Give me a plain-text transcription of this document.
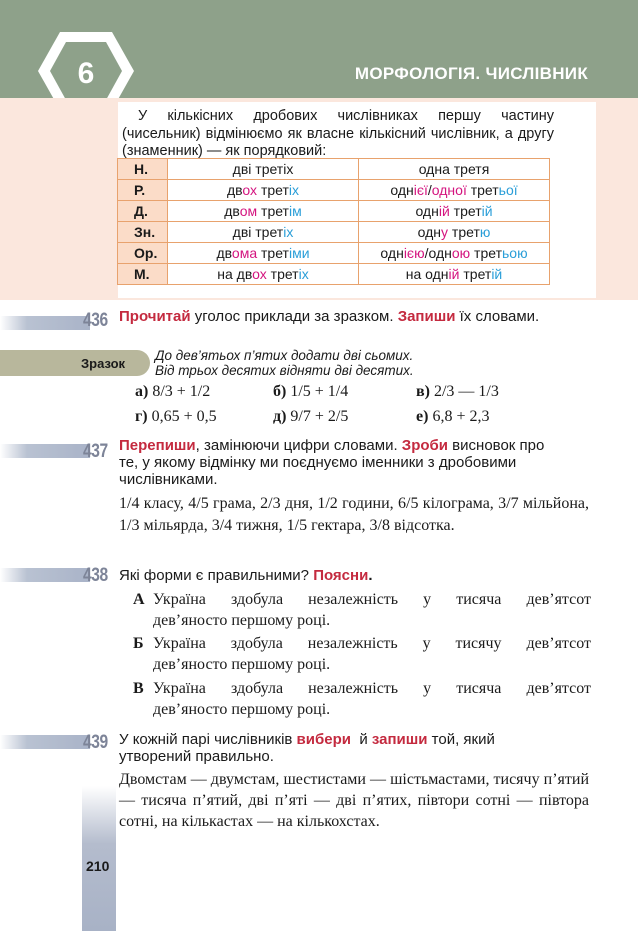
6	МОРФОЛОГІЯ. ЧИСЛІВНИК
У кількісних дробових числівниках першу частину (чисельник) відмінюємо як власне кількісний числівник, а другу (знаменник) — як порядковий:
Н.	дві третіх	одна третя
Р.	двох третіх	однієї/одної третьої
Д.	двом третім	одній третій
Зн.	дві третіх	одну третю
Ор.	двома третіми	однією/одною третьою
М.	на двох третіх	на одній третій
436 Прочитай уголос приклади за зразком. Запиши їх словами.
Зразок
До дев’ятьох п’ятих додати дві сьомих.
Від трьох десятих відняти дві десятих.
а) 8/3 + 1/2	б) 1/5 + 1/4	в) 2/3 — 1/3
г) 0,65 + 0,5	д) 9/7 + 2/5	е) 6,8 + 2,3
437 Перепиши, замінюючи цифри словами. Зроби висновок про те, у якому відмінку ми поєднуємо іменники з дробовими числівниками.
1/4 класу, 4/5 грама, 2/3 дня, 1/2 години, 6/5 кілограма, 3/7 мільйона, 1/3 мільярда, 3/4 тижня, 1/5 гектара, 3/8 відсотка.
438 Які форми є правильними? Поясни.
А Україна здобула незалежність у тисяча дев’ятсот
дев’яносто першому році.
Б Україна здобула незалежність у тисячу дев’ятсот
дев’яносто першому році.
В Україна здобула незалежність у тисяча дев’ятсот
дев’яносто першому році.
439 У кожній парі числівників вибери  й запиши той, який утворений правильно.
Двомстам — двумстам, шестистами — шістьмастами, тисячу п’ятий — тисяча п’ятий, дві п’яті — дві п’ятих, півтори сотні — півтора сотні, на кількастах — на кількохстах.
210
